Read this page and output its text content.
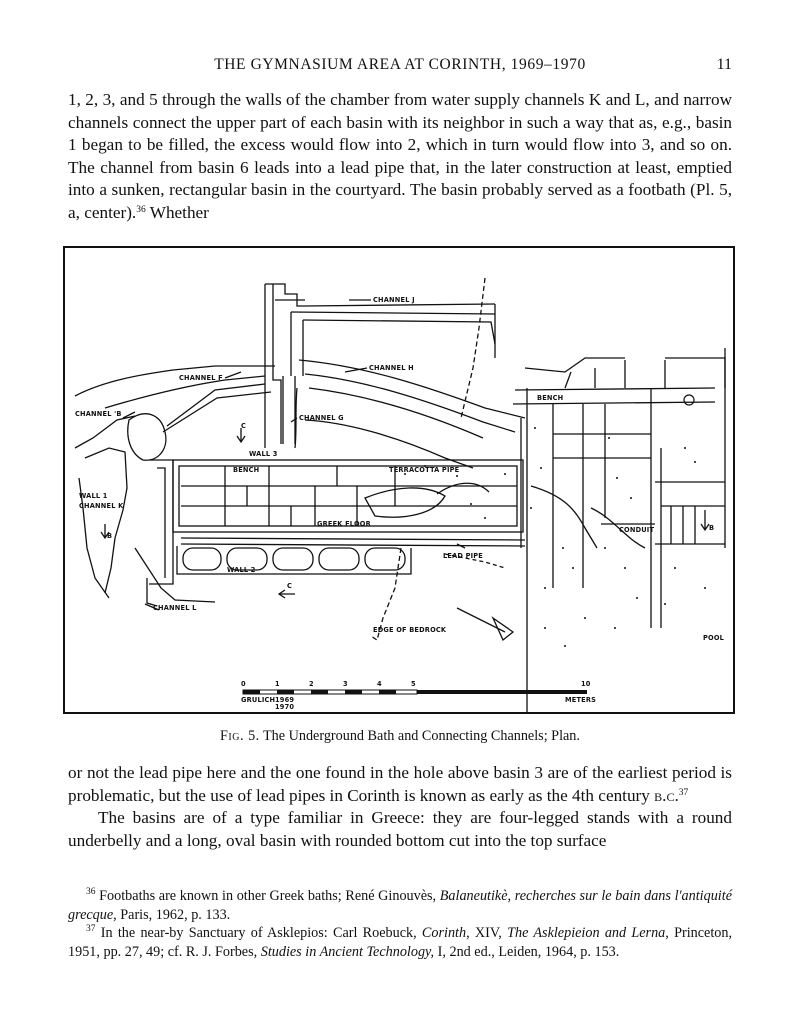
THE GYMNASIUM AREA AT CORINTH, 1969–1970	11
1, 2, 3, and 5 through the walls of the chamber from water supply channels K and L, and narrow channels connect the upper part of each basin with its neighbor in such a way that as, e.g., basin 1 began to be filled, the excess would flow into 2, which in turn would flow into 3, and so on. The channel from basin 6 leads into a lead pipe that, in the later construction at least, emptied into a sunken, rectangular basin in the courtyard. The basin probably served as a footbath (Pl. 5, a, center).$^{36}$ Whether
CHANNEL J
CHANNEL H
CHANNEL F
CHANNEL 'B	CHANNEL G
WALL 3
BENCH
BENCH
TERRACOTTA PIPE
WALL 1
CHANNEL K
GREEK FLOOR
CONDUIT
LEAD PIPE
WALL 2
CHANNEL L
EDGE OF BEDROCK
POOL
C
B
C
B
0	1	2	3	4	5	10
METERS
GRULICH 1969
1970
Fig. 5. The Underground Bath and Connecting Channels; Plan.
or not the lead pipe here and the one found in the hole above basin 3 are of the earliest period is problematic, but the use of lead pipes in Corinth is known as early as the 4th century b.c.$^{37}$
The basins are of a type familiar in Greece: they are four-legged stands with a round underbelly and a long, oval basin with rounded bottom cut into the top surface

$^{36}$ Footbaths are known in other Greek baths; René Ginouvès, Balaneutikè, recherches sur le bain dans l'antiquité grecque, Paris, 1962, p. 133.

$^{37}$ In the near-by Sanctuary of Asklepios: Carl Roebuck, Corinth, XIV, The Asklepieion and Lerna, Princeton, 1951, pp. 27, 49; cf. R. J. Forbes, Studies in Ancient Technology, I, 2nd ed., Leiden, 1964, p. 153.
